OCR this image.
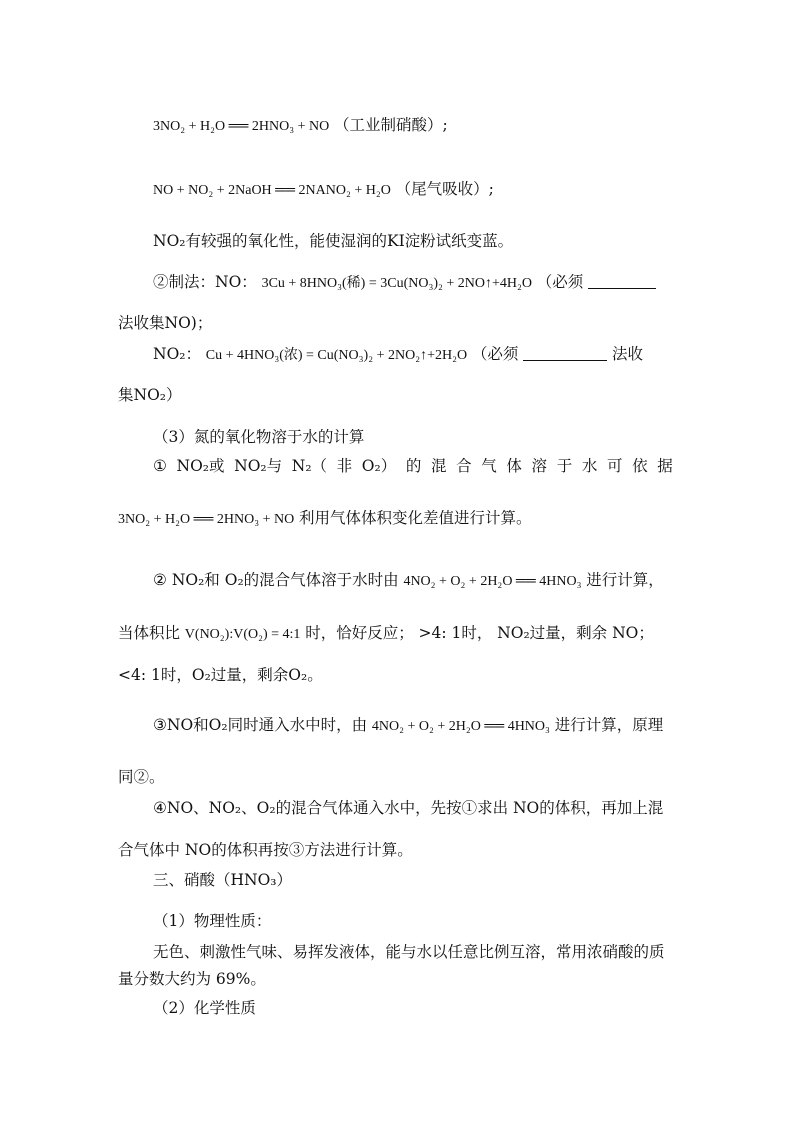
3NO₂ + H₂O ══ 2HNO₃ + NO （工业制硝酸）;
NO + NO₂ + 2NaOH ══ 2NANO₂ + H₂O （尾气吸收）;
NO₂有较强的氧化性，能使湿润的KI淀粉试纸变蓝。
②制法：NO： 3Cu + 8HNO₃(稀) = 3Cu(NO₃)₂ + 2NO↑+4H₂O （必须
法收集NO)；
NO₂： Cu + 4HNO₃(浓) = Cu(NO₃)₂ + 2NO₂↑+2H₂O （必须	法收
集NO₂）
（3）氮的氧化物溶于水的计算
① NO₂或 NO₂与 N₂（ 非 O₂） 的 混 合 气 体 溶 于 水 可 依 据
3NO₂ + H₂O ══ 2HNO₃ + NO 利用气体体积变化差值进行计算。
② NO₂和 O₂的混合气体溶于水时由 4NO₂ + O₂ + 2H₂O ══ 4HNO₃ 进行计算，
当体积比 V(NO₂):V(O₂) = 4:1 时，恰好反应； >4: 1时， NO₂过量，剩余 NO；
<4: 1时，O₂过量，剩余O₂。
③NO和O₂同时通入水中时，由 4NO₂ + O₂ + 2H₂O ══ 4HNO₃ 进行计算，原理
同②。
④NO、NO₂、O₂的混合气体通入水中，先按①求出 NO的体积，再加上混
合气体中 NO的体积再按③方法进行计算。
三、硝酸（HNO₃）
（1）物理性质：
无色、刺激性气味、易挥发液体，能与水以任意比例互溶，常用浓硝酸的质
量分数大约为 69%。
（2）化学性质
